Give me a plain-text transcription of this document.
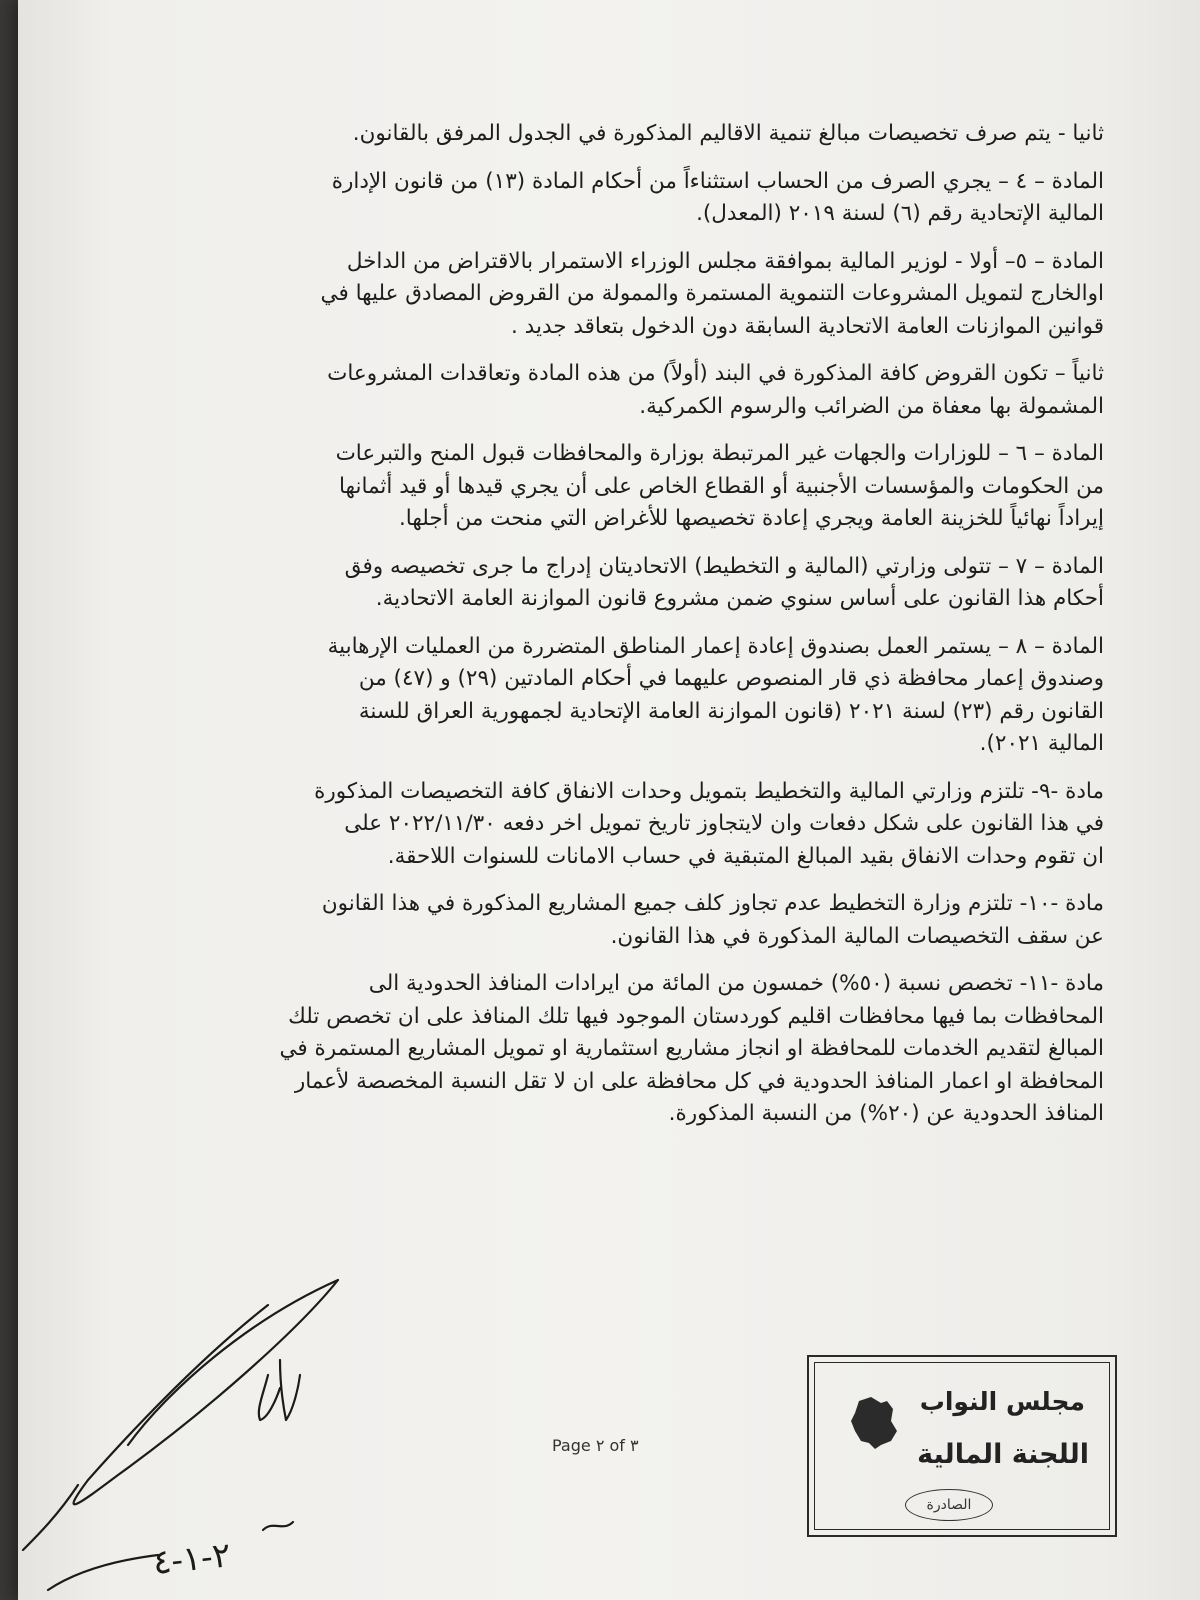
ثانيا - يتم صرف تخصيصات مبالغ تنمية الاقاليم المذكورة في الجدول المرفق بالقانون.

المادة – ٤ – يجري الصرف من الحساب استثناءاً من أحكام المادة (١٣) من قانون الإدارة

المالية الإتحادية رقم (٦) لسنة ٢٠١٩ (المعدل).

المادة – ٥– أولا - لوزير المالية بموافقة مجلس الوزراء الاستمرار بالاقتراض من الداخل

اوالخارج لتمويل المشروعات التنموية المستمرة والممولة من القروض المصادق عليها في

قوانين الموازنات العامة الاتحادية السابقة دون الدخول بتعاقد جديد .

ثانياً – تكون القروض كافة المذكورة في البند (أولاً) من هذه المادة وتعاقدات المشروعات

المشمولة بها معفاة من الضرائب والرسوم الكمركية.

المادة – ٦ – للوزارات والجهات غير المرتبطة بوزارة والمحافظات قبول المنح والتبرعات

من الحكومات والمؤسسات الأجنبية أو القطاع الخاص على أن يجري قيدها أو قيد أثمانها

إيراداً نهائياً للخزينة العامة ويجري إعادة تخصيصها للأغراض التي منحت من أجلها.

المادة – ٧ – تتولى وزارتي (المالية و التخطيط) الاتحاديتان إدراج ما جرى تخصيصه وفق

أحكام هذا القانون على أساس سنوي ضمن مشروع قانون الموازنة العامة الاتحادية.

المادة – ٨ – يستمر العمل بصندوق إعادة إعمار المناطق المتضررة من العمليات الإرهابية

وصندوق إعمار محافظة ذي قار المنصوص عليهما في أحكام المادتين (٢٩) و (٤٧) من

القانون رقم (٢٣) لسنة ٢٠٢١ (قانون الموازنة العامة الإتحادية لجمهورية العراق للسنة

المالية ٢٠٢١).

مادة -٩- تلتزم وزارتي المالية والتخطيط بتمويل وحدات الانفاق كافة التخصيصات المذكورة

في هذا القانون على شكل دفعات وان لايتجاوز تاريخ تمويل اخر دفعه ٢٠٢٢/١١/٣٠ على

ان تقوم وحدات الانفاق بقيد المبالغ المتبقية في حساب الامانات للسنوات اللاحقة.

مادة -١٠- تلتزم وزارة التخطيط عدم تجاوز كلف جميع المشاريع المذكورة في هذا القانون

عن سقف التخصيصات المالية المذكورة في هذا القانون.

مادة -١١- تخصص نسبة (٥٠%) خمسون من المائة من ايرادات المنافذ الحدودية الى

المحافظات بما فيها محافظات اقليم كوردستان الموجود فيها تلك المنافذ على ان تخصص تلك

المبالغ لتقديم الخدمات للمحافظة او انجاز مشاريع استثمارية او تمويل المشاريع المستمرة في

المحافظة او اعمار المنافذ الحدودية في كل محافظة على ان لا تقل النسبة المخصصة لأعمار

المنافذ الحدودية عن (٢٠%) من النسبة المذكورة.

Page ٢ of ٣
مجلس النواب
اللجنة المالية
الصادرة
٢-١-٤
